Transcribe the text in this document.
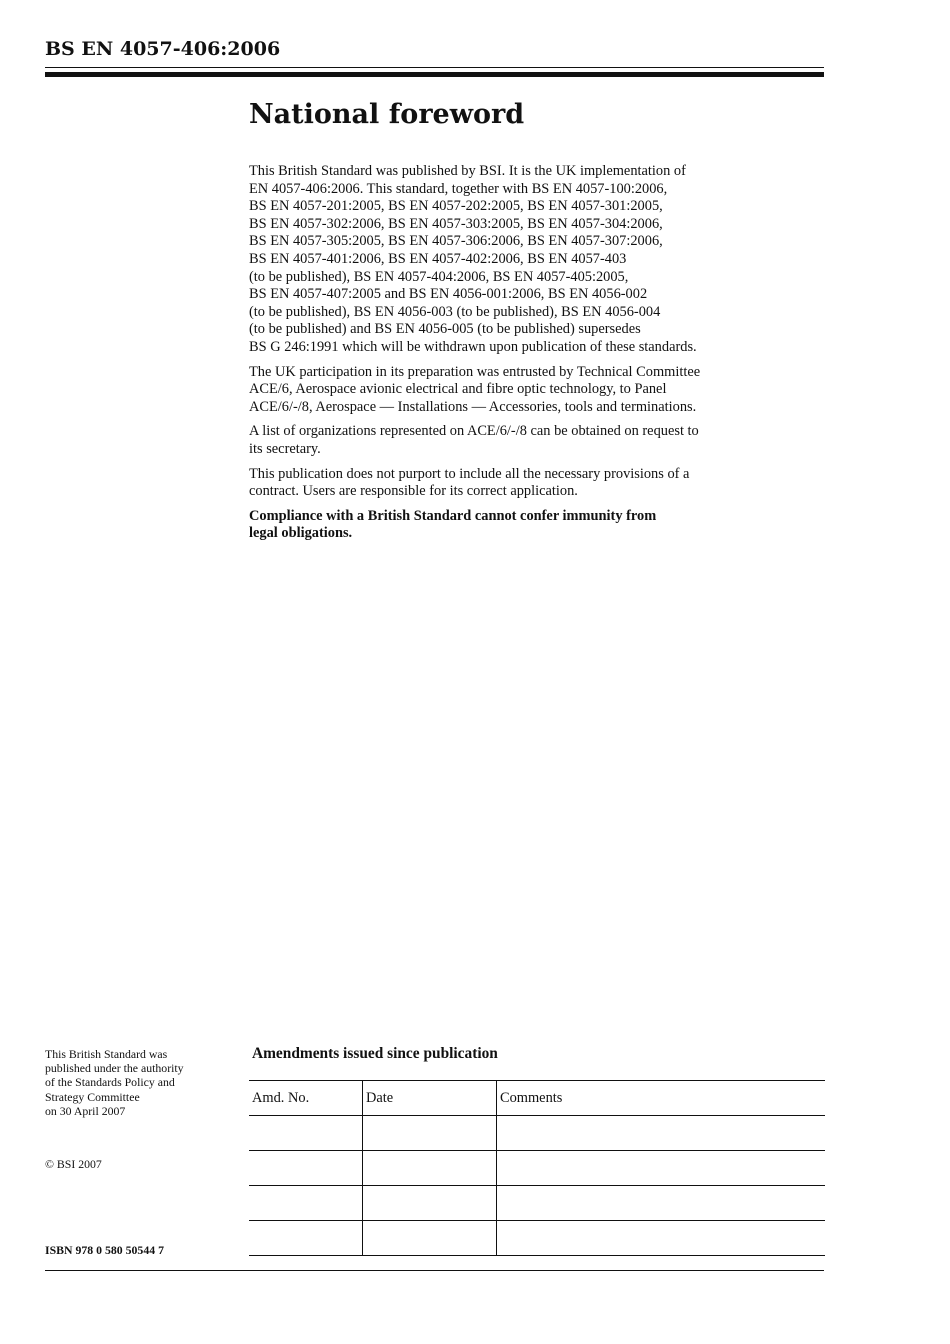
BS EN 4057-406:2006
National foreword

This British Standard was published by BSI. It is the UK implementation of
EN 4057-406:2006. This standard, together with BS EN 4057-100:2006,
BS EN 4057-201:2005, BS EN 4057-202:2005, BS EN 4057-301:2005,
BS EN 4057-302:2006, BS EN 4057-303:2005, BS EN 4057-304:2006,
BS EN 4057-305:2005, BS EN 4057-306:2006, BS EN 4057-307:2006,
BS EN 4057-401:2006, BS EN 4057-402:2006, BS EN 4057-403
(to be published), BS EN 4057-404:2006, BS EN 4057-405:2005,
BS EN 4057-407:2005 and BS EN 4056-001:2006, BS EN 4056-002
(to be published), BS EN 4056-003 (to be published), BS EN 4056-004
(to be published) and BS EN 4056-005 (to be published) supersedes
BS G 246:1991 which will be withdrawn upon publication of these standards.

The UK participation in its preparation was entrusted by Technical Committee
ACE/6, Aerospace avionic electrical and fibre optic technology, to Panel
ACE/6/-/8, Aerospace — Installations — Accessories, tools and terminations.

A list of organizations represented on ACE/6/-/8 can be obtained on request to
its secretary.

This publication does not purport to include all the necessary provisions of a
contract. Users are responsible for its correct application.

Compliance with a British Standard cannot confer immunity from
legal obligations.

This British Standard was
published under the authority
of the Standards Policy and
Strategy Committee
on 30 April 2007
© BSI 2007
ISBN 978 0 580 50544 7
Amendments issued since publication
Amd. No.	Date	Comments
